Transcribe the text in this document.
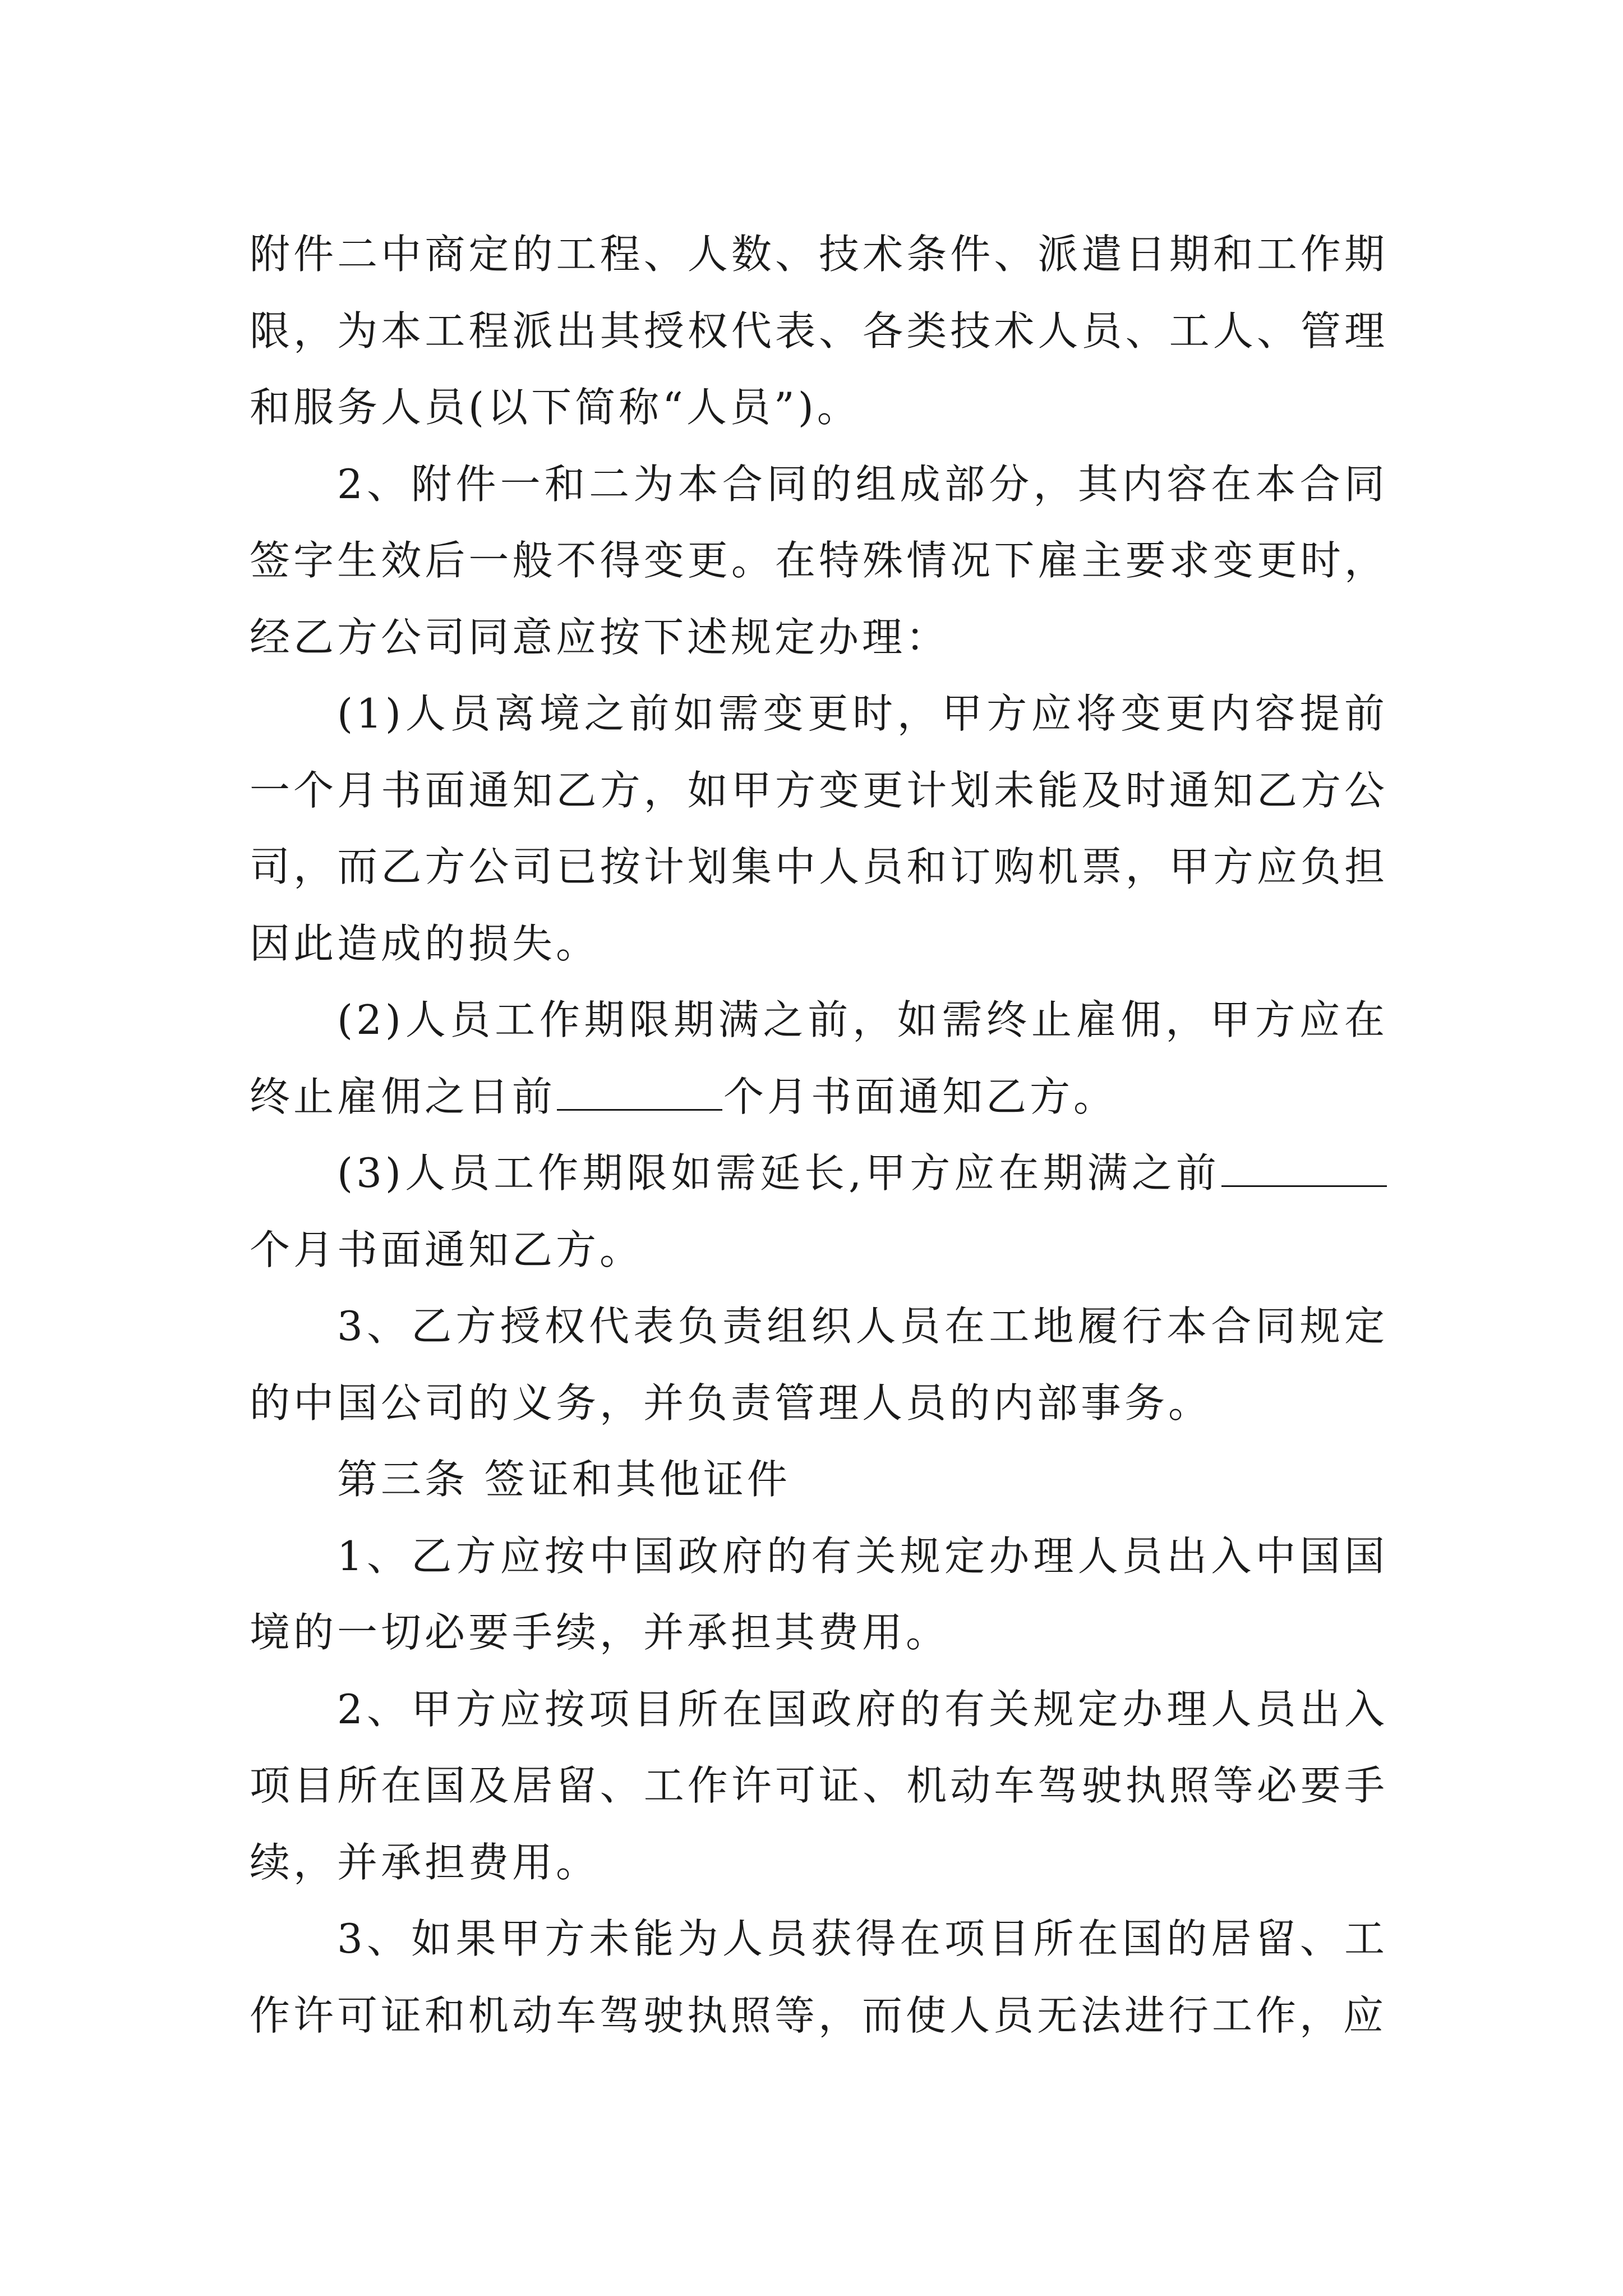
附件二中商定的工程、人数、技术条件、派遣日期和工作期限，为本工程派出其授权代表、各类技术人员、工人、管理和服务人员(以下简称“人员”)。

2、附件一和二为本合同的组成部分，其内容在本合同签字生效后一般不得变更。在特殊情况下雇主要求变更时，经乙方公司同意应按下述规定办理：

(1)人员离境之前如需变更时，甲方应将变更内容提前一个月书面通知乙方，如甲方变更计划未能及时通知乙方公司，而乙方公司已按计划集中人员和订购机票，甲方应负担因此造成的损失。

(2)人员工作期限期满之前，如需终止雇佣，甲方应在终止雇佣之日前	个月书面通知乙方。

(3)人员工作期限如需延长,甲方应在期满之前个月书面通知乙方。

3、乙方授权代表负责组织人员在工地履行本合同规定的中国公司的义务，并负责管理人员的内部事务。

第三条 签证和其他证件

1、乙方应按中国政府的有关规定办理人员出入中国国境的一切必要手续，并承担其费用。

2、甲方应按项目所在国政府的有关规定办理人员出入项目所在国及居留、工作许可证、机动车驾驶执照等必要手续，并承担费用。

3、如果甲方未能为人员获得在项目所在国的居留、工作许可证和机动车驾驶执照等，而使人员无法进行工作，应
